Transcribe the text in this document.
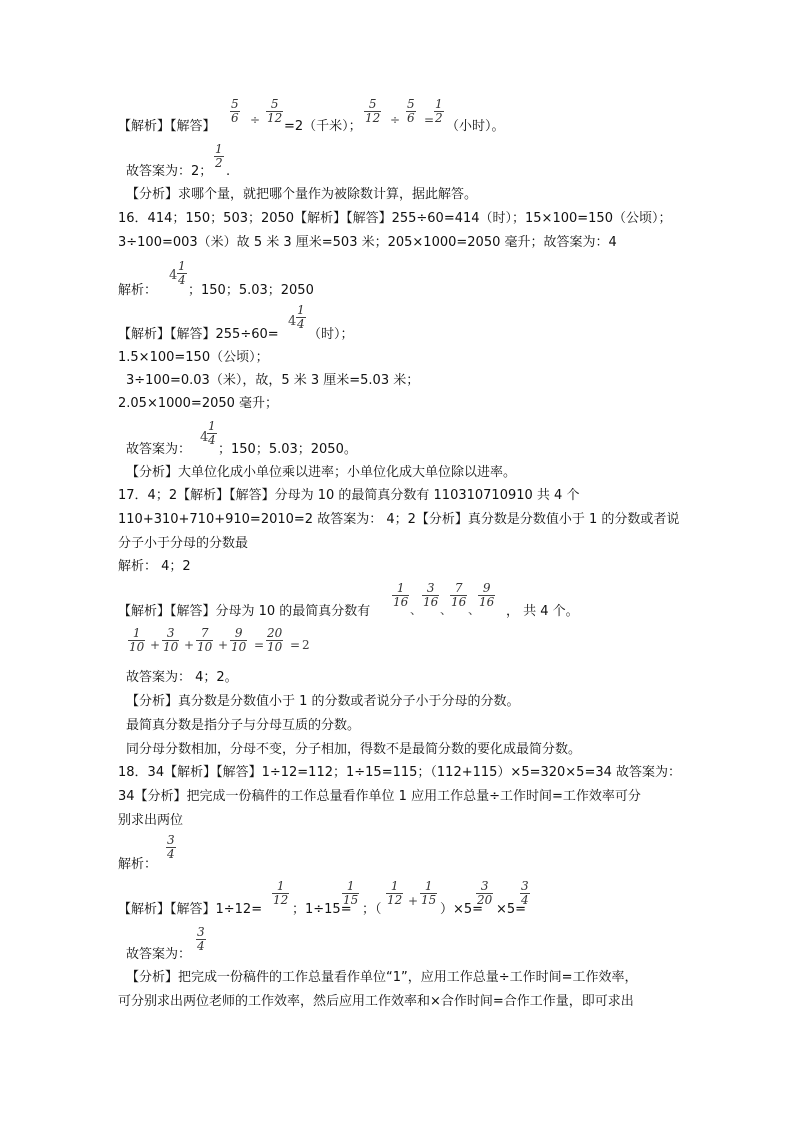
【解析】【解答】
5
6 ÷
5
12
=2（千米）；
5
12 ÷
5
6 =
1
2
（小时）。
故答案为：2；
1
2
.
【分析】求哪个量，就把哪个量作为被除数计算，据此解答。
16．414；150；503；2050【解析】【解答】255÷60=414（时）；15×100=150（公顷）；
3÷100=003（米）故 5 米 3 厘米=503 米；205×1000=2050 毫升；故答案为：4
解析：
4
1
4
；150；5.03；2050
【解析】【解答】255÷60=
4
1
4
（时）；
1.5×100=150（公顷）；
3÷100=0.03（米），故，5 米 3 厘米=5.03 米；
2.05×1000=2050 毫升；
故答案为：
4
1
4
；150；5.03；2050。
【分析】大单位化成小单位乘以进率；小单位化成大单位除以进率。
17．4；2【解析】【解答】分母为 10 的最简真分数有 110310710910 共 4 个
110+310+710+910=2010=2 故答案为： 4；2【分析】真分数是分数值小于 1 的分数或者说
分子小于分母的分数最
解析： 4；2
【解析】【解答】分母为 10 的最简真分数有
1
16
、
3
16
、
7
16
、
9
16
， 共 4 个。
1
10 +
3
10 +
7
10 +
9
10 =
20
10 = 2
故答案为： 4；2。
【分析】真分数是分数值小于 1 的分数或者说分子小于分母的分数。
最简真分数是指分子与分母互质的分数。
同分母分数相加，分母不变，分子相加，得数不是最简分数的要化成最简分数。
18．34【解析】【解答】1÷12=112；1÷15=115；（112+115）×5=320×5=34 故答案为：
34【分析】把完成一份稿件的工作总量看作单位 1 应用工作总量÷工作时间=工作效率可分
别求出两位
解析：
3
4
【解析】【解答】1÷12=
1
12
；1÷15=
1
15
；（
1
12 +
1
15
）×5=
3
20
×5=
3
4
故答案为：
3
4
【分析】把完成一份稿件的工作总量看作单位“1”，应用工作总量÷工作时间=工作效率，
可分别求出两位老师的工作效率，然后应用工作效率和×合作时间=合作工作量，即可求出
